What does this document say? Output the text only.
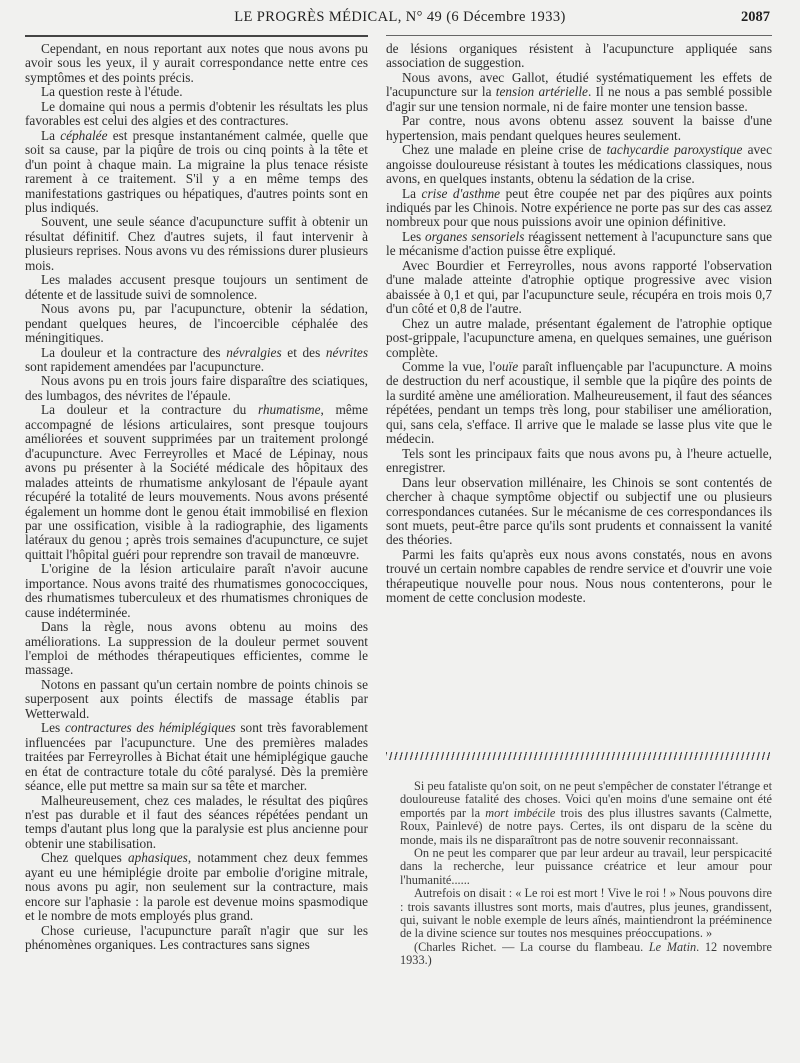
LE PROGRÈS MÉDICAL, N° 49 (6 Décembre 1933)	2087

Cependant, en nous reportant aux notes que nous avons pu avoir sous les yeux, il y aurait correspondance nette entre ces symptômes et des points précis.

La question reste à l'étude.

Le domaine qui nous a permis d'obtenir les résultats les plus favorables est celui des algies et des contractures.

La céphalée est presque instantanément calmée, quelle que soit sa cause, par la piqûre de trois ou cinq points à la tête et d'un point à chaque main. La migraine la plus tenace résiste rarement à ce traitement. S'il y a en même temps des manifestations gastriques ou hépatiques, d'autres points sont en plus indiqués.

Souvent, une seule séance d'acupuncture suffit à obtenir un résultat définitif. Chez d'autres sujets, il faut intervenir à plusieurs reprises. Nous avons vu des rémissions durer plusieurs mois.

Les malades accusent presque toujours un sentiment de détente et de lassitude suivi de somnolence.

Nous avons pu, par l'acupuncture, obtenir la sédation, pendant quelques heures, de l'incoercible céphalée des méningitiques.

La douleur et la contracture des névralgies et des névrites sont rapidement amendées par l'acupuncture.

Nous avons pu en trois jours faire disparaître des sciatiques, des lumbagos, des névrites de l'épaule.

La douleur et la contracture du rhumatisme, même accompagné de lésions articulaires, sont presque toujours améliorées et souvent supprimées par un traitement prolongé d'acupuncture. Avec Ferreyrolles et Macé de Lépinay, nous avons pu présenter à la Société médicale des hôpitaux des malades atteints de rhumatisme ankylosant de l'épaule ayant récupéré la totalité de leurs mouvements. Nous avons présenté également un homme dont le genou était immobilisé en flexion par une ossification, visible à la radiographie, des ligaments latéraux du genou ; après trois semaines d'acupuncture, ce sujet quittait l'hôpital guéri pour reprendre son travail de manœuvre.

L'origine de la lésion articulaire paraît n'avoir aucune importance. Nous avons traité des rhumatismes gonococciques, des rhumatismes tuberculeux et des rhumatismes chroniques de cause indéterminée.

Dans la règle, nous avons obtenu au moins des améliorations. La suppression de la douleur permet souvent l'emploi de méthodes thérapeutiques efficientes, comme le massage.

Notons en passant qu'un certain nombre de points chinois se superposent aux points électifs de massage établis par Wetterwald.

Les contractures des hémiplégiques sont très favorablement influencées par l'acupuncture. Une des premières malades traitées par Ferreyrolles à Bichat était une hémiplégique gauche en état de contracture totale du côté paralysé. Dès la première séance, elle put mettre sa main sur sa tête et marcher.

Malheureusement, chez ces malades, le résultat des piqûres n'est pas durable et il faut des séances répétées pendant un temps d'autant plus long que la paralysie est plus ancienne pour obtenir une stabilisation.

Chez quelques aphasiques, notamment chez deux femmes ayant eu une hémiplégie droite par embolie d'origine mitrale, nous avons pu agir, non seulement sur la contracture, mais encore sur l'aphasie : la parole est devenue moins spasmodique et le nombre de mots employés plus grand.

Chose curieuse, l'acupuncture paraît n'agir que sur les phénomènes organiques. Les contractures sans signes

de lésions organiques résistent à l'acupuncture appliquée sans association de suggestion.

Nous avons, avec Gallot, étudié systématiquement les effets de l'acupuncture sur la tension artérielle. Il ne nous a pas semblé possible d'agir sur une tension normale, ni de faire monter une tension basse.

Par contre, nous avons obtenu assez souvent la baisse d'une hypertension, mais pendant quelques heures seulement.

Chez une malade en pleine crise de tachycardie paroxystique avec angoisse douloureuse résistant à toutes les médications classiques, nous avons, en quelques instants, obtenu la sédation de la crise.

La crise d'asthme peut être coupée net par des piqûres aux points indiqués par les Chinois. Notre expérience ne porte pas sur des cas assez nombreux pour que nous puissions avoir une opinion définitive.

Les organes sensoriels réagissent nettement à l'acupuncture sans que le mécanisme d'action puisse être expliqué.

Avec Bourdier et Ferreyrolles, nous avons rapporté l'observation d'une malade atteinte d'atrophie optique progressive avec vision abaissée à 0,1 et qui, par l'acupuncture seule, récupéra en trois mois 0,7 d'un côté et 0,8 de l'autre.

Chez un autre malade, présentant également de l'atrophie optique post-grippale, l'acupuncture amena, en quelques semaines, une guérison complète.

Comme la vue, l'ouïe paraît influençable par l'acupuncture. A moins de destruction du nerf acoustique, il semble que la piqûre des points de la surdité amène une amélioration. Malheureusement, il faut des séances répétées, pendant un temps très long, pour stabiliser une amélioration, qui, sans cela, s'efface. Il arrive que le malade se lasse plus vite que le médecin.

Tels sont les principaux faits que nous avons pu, à l'heure actuelle, enregistrer.

Dans leur observation millénaire, les Chinois se sont contentés de chercher à chaque symptôme objectif ou subjectif une ou plusieurs correspondances cutanées. Sur le mécanisme de ces correspondances ils sont muets, peut-être parce qu'ils sont prudents et connaissent la vanité des théories.

Parmi les faits qu'après eux nous avons constatés, nous en avons trouvé un certain nombre capables de rendre service et d'ouvrir une voie thérapeutique nouvelle pour nous. Nous nous contenterons, pour le moment de cette conclusion modeste.

Si peu fataliste qu'on soit, on ne peut s'empêcher de constater l'étrange et douloureuse fatalité des choses. Voici qu'en moins d'une semaine ont été emportés par la mort imbécile trois des plus illustres savants (Calmette, Roux, Painlevé) de notre pays. Certes, ils ont disparu de la scène du monde, mais ils ne disparaîtront pas de notre souvenir reconnaissant.

On ne peut les comparer que par leur ardeur au travail, leur perspicacité dans la recherche, leur puissance créatrice et leur amour pour l'humanité......

Autrefois on disait : « Le roi est mort ! Vive le roi ! » Nous pouvons dire : trois savants illustres sont morts, mais d'autres, plus jeunes, grandissent, qui, suivant le noble exemple de leurs aînés, maintiendront la prééminence de la divine science sur toutes nos mesquines préoccupations. »

(Charles Richet. — La course du flambeau. Le Matin. 12 novembre 1933.)
